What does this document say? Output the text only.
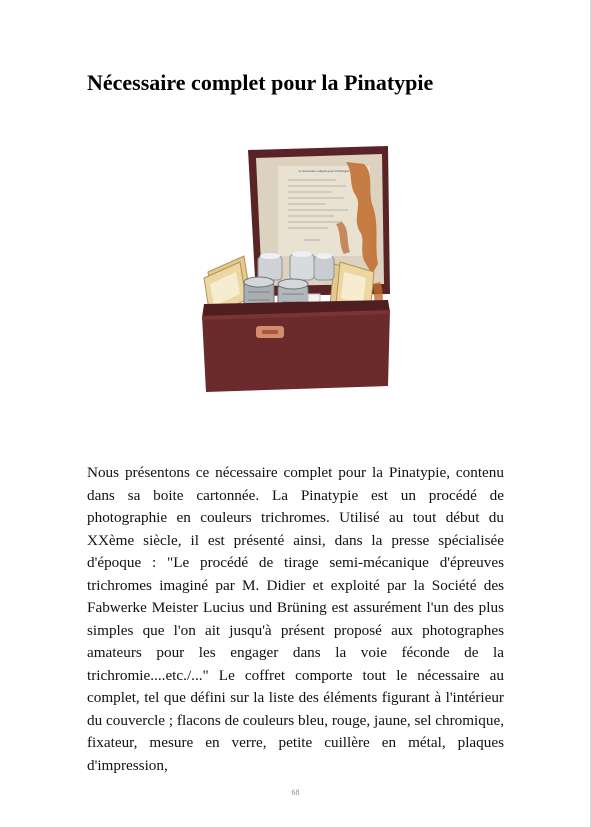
Nécessaire complet pour la Pinatypie
Le nécessaire complet pour la Pinatypie

Nous présentons ce nécessaire complet pour la Pinatypie, contenu dans sa boite cartonnée. La Pinatypie est un procédé de photographie en couleurs trichromes. Utilisé au tout début du XXème siècle, il est présenté ainsi, dans la presse spécialisée d'époque : "Le procédé de tirage semi-mécanique d'épreuves trichromes imaginé par M. Didier et exploité par la Société des Fabwerke Meister Lucius und Brüning est assurément l'un des plus simples que l'on ait jusqu'à présent proposé aux photographes amateurs pour les engager dans la voie féconde de la trichromie....etc./..." Le coffret comporte tout le nécessaire au complet, tel que défini sur la liste des éléments figurant à l'intérieur du couvercle ; flacons de couleurs bleu, rouge, jaune, sel chromique, fixateur, mesure en verre, petite cuillère en métal, plaques d'impression,

68
